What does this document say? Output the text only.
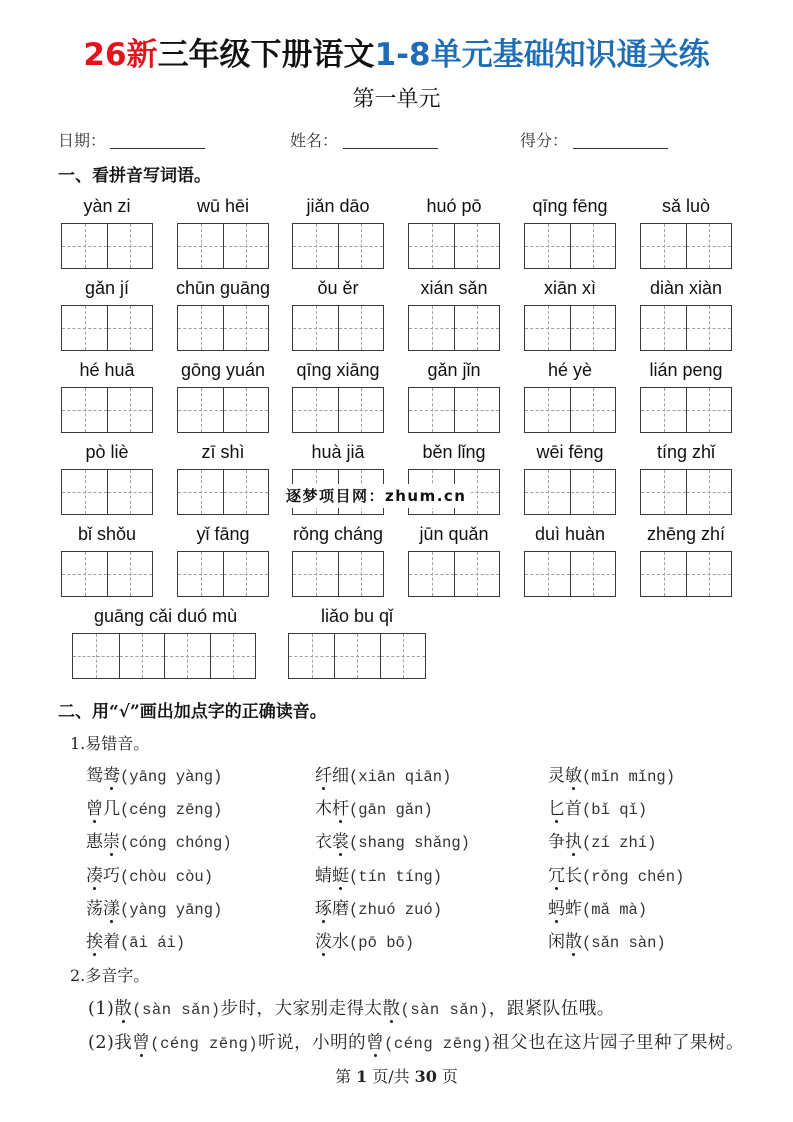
26新三年级下册语文1-8单元基础知识通关练
第一单元
日期：	姓名：	得分：
一、看拼音写词语。
yàn zi	wū hēi	jiǎn dāo	huó pō	qīng fēng	sǎ luò
gǎn jí	chūn guāng	ǒu ěr	xián sǎn	xiān xì	diàn xiàn
hé huā	gōng yuán	qīng xiāng	gǎn jǐn	hé yè	lián peng
pò liè	zī shì	huà jiā	běn lǐng	wēi fēng	tíng zhǐ
bǐ shǒu	yǐ fāng	rǒng cháng	jūn quǎn	duì huàn	zhēng zhí
guāng cǎi duó mù	liǎo bu qǐ
逐梦项目网：zhum.cn
二、用“√”画出加点字的正确读音。
1.易错音。
鸳鸯(yāng yàng)	纤细(xiān qiān)	灵敏(mǐn mǐng)
曾几(céng zēng)	木杆(gān gǎn)	匕首(bǐ qǐ)
惠崇(cóng chóng)	衣裳(shang shǎng)	争执(zí zhí)
凑巧(chòu còu)	蜻蜓(tín tíng)	冗长(rǒng chén)
荡漾(yàng yāng)	琢磨(zhuó zuó)	蚂蚱(mǎ mà)
挨着(āi ái)	泼水(pō bō)	闲散(sǎn sàn)
2.多音字。
(1)散(sàn sǎn)步时，大家别走得太散(sàn sǎn)，跟紧队伍哦。
(2)我曾(céng zēng)听说，小明的曾(céng zēng)祖父也在这片园子里种了果树。
第 1 页/共 30 页
